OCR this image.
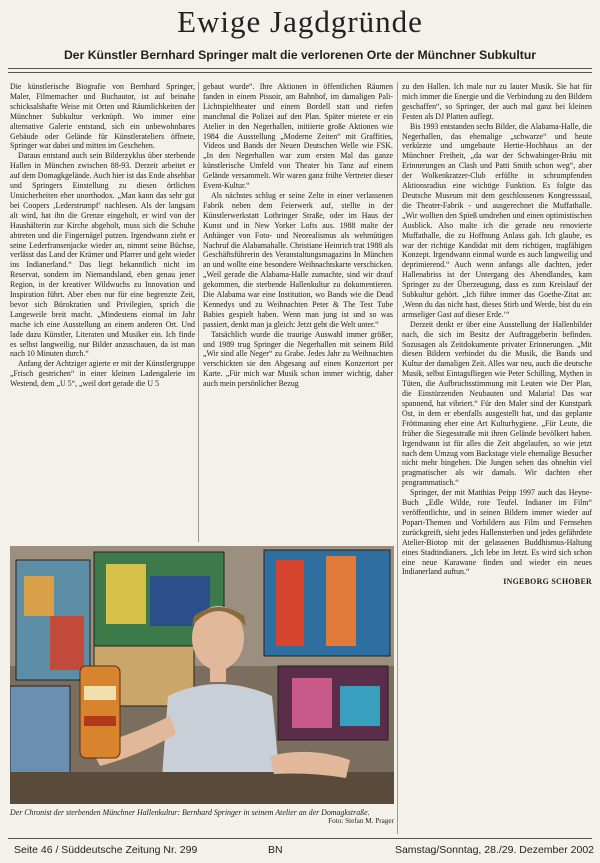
Ewige Jagdgründe
Der Künstler Bernhard Springer malt die verlorenen Orte der Münchner Subkultur

Die künstlerische Biografie von Bernhard Springer, Maler, Filmemacher und Buchautor, ist auf beinahe schicksalshafte Weise mit Orten und Räumlichkeiten der Münchner Subkultur verknüpft. Wo immer eine alternative Galerie entstand, sich ein unbewohnbares Gebäude oder Gelände für Künstlerateliers öffnete, Springer war dabei und mitten im Geschehen.

Daraus entstand auch sein Bilderzyklus über sterbende Hallen in München zwischen 88-93. Derzeit arbeitet er auf dem Domagkgelände. Auch hier ist das Ende absehbar und Springers Einstellung zu diesen örtlichen Unsicherheiten eher unorthodox. „Man kann das sehr gut bei Coopers ‚Lederstrumpf‘ nachlesen. Als der langsam alt wird, hat ihn die Grenze eingeholt, er wird von der Haushälterin zur Kirche abgeholt, muss sich die Schuhe abtreten und die Fingernägel putzen. Irgendwann zieht er seine Lederfransenjacke wieder an, nimmt seine Büchse, verlässt das Land der Krämer und Pfarrer und geht wieder ins Indianerland.“ Das liegt bekanntlich nicht im Reservat, sondern im Niemandsland, eben genau jener Region, in der kreativer Wildwuchs zu Innovation und Inspiration führt. Aber eben nur für eine begrenzte Zeit, bevor sich Bürokratien und Privilegien, sprich die Langeweile breit macht. „Mindestens einmal im Jahr mache ich eine Ausstellung an einem anderen Ort. Und lade dazu Künstler, Literaten und Musiker ein. Ich finde es selbst langweilig, nur Bilder anzuschauen, da ist man nach 10 Minuten durch.“

Anfang der Achtziger agierte er mit der Künstlergruppe „Frisch gestrichen“ in einer kleinen Ladengalerie im Westend, dem „U 5“, „weil dort gerade die U 5

gebaut wurde“. Ihre Aktionen in öffentlichen Räumen fanden in einem Pissoir, am Bahnhof, im damaligen Pali-Lichtspieltheater und einem Bordell statt und riefen manchmal die Polizei auf den Plan. Später mietete er ein Atelier in den Negerhallen, initiierte große Aktionen wie 1984 die Ausstellung „Moderne Zeiten“ mit Graffities, Videos und Bands der Neuen Deutschen Welle wie FSK. „In den Negerhallen war zum ersten Mal das ganze künstlerische Umfeld von Theater bis Tanz auf einem Gelände versammelt. Wir waren ganz frühe Vertreter dieser Event-Kultur.“

Als nächstes schlug er seine Zelte in einer verlassenen Fabrik neben dem Feierwerk auf, stellte in der Künstlerwerkstatt Lothringer Straße, oder im Haus der Kunst und in New Yorker Lofts aus. 1988 malte der Anhänger von Foto- und Neorealismus als wehmütigen Nachruf die Alabamahalle. Christiane Heinrich trat 1988 als Geschäftsführerin des Veranstaltungsmagazins In München an und wollte eine besondere Weihnachtskarte verschicken. „Weil gerade die Alabama-Halle zumachte, sind wir drauf gekommen, die sterbende Hallenkultur zu dokumentieren. Die Alabama war eine Institution, wo Bands wie die Dead Kennedys und zu Weihnachten Peter & The Test Tube Babies gespielt haben. Wenn man jung ist und so was passiert, denkt man ja gleich: Jetzt geht die Welt unter.“

Tatsächlich wurde die traurige Auswahl immer größer, und 1989 trug Springer die Negerhallen mit seinem Bild „Wir sind alle Neger“ zu Grabe. Jedes Jahr zu Weihnachten verschickten sie den Abgesang auf einen Konzertort per Karte. „Für mich war Musik schon immer wichtig, daher auch mein persönlicher Bezug

zu den Hallen. Ich male nur zu lauter Musik. Sie hat für mich immer die Energie und die Verbindung zu den Bildern geschaffen“, so Springer, der auch mal ganz bei kleinen Festen als DJ Platten auflegt.

Bis 1993 entstanden sechs Bilder, die Alabama-Halle, die Negerhallen, das ehemalige „schwarze“ und heute verkürzte und umgebaute Hertie-Hochhaus an der Münchner Freiheit, „da war der Schwabinger-Bräu mit Erinnerungen an Clash und Patti Smith schon weg“, aber der Wolkenkratzer-Club erfüllte in schrumpfenden Aktionsradius eine wichtige Funktion. Es folgte das Deutsche Museum mit dem geschlossenen Kongresssaal, die Theater-Fabrik - und ausgerechnet die Muffathalle. „Wir wollten den Spieß umdrehen und einen optimistischen Ausblick. Also malte ich die gerade neu renovierte Muffathalle, die zu Hoffnung Anlass gab. Ich glaube, es war der richtige Kandidat mit dem richtigen, tragfähigen Konzept. Irgendwann einmal wurde es auch langweilig und deprimierend.“ Auch wenn anfangs alle dachten, jeder Hallenabriss ist der Untergang des Abendlandes, kam Springer zu der Überzeugung, dass es zum Kreislauf der Subkultur gehört. „Ich führe immer das Goethe-Zitat an: ‚Wenn du das nicht hast, dieses Stirb und Werde, bist du ein armseliger Gast auf dieser Erde.‘“

Derzeit denkt er über eine Ausstellung der Hallenbilder nach, die sich im Besitz der Auftraggeberin befinden. Sozusagen als Zeitdokumente privater Erinnerungen. „Mit diesen Bildern verbindet du die Musik, die Bands und Kultur der damaligen Zeit. Alles war neu, auch die deutsche Musik, selbst Eintagsfliegen wie Peter Schilling, Mythen in Tüten, die Aufbruchsstimmung mit Leuten wie Der Plan, die Einstürzenden Neubauten und Malaria! Das war spannend, hat vibriert.“ Für den Maler sind der Kunstpark Ost, in dem er ebenfalls ausgestellt hat, und das geplante Fröttmaning eher eine Art Kulturhygiene. „Für Leute, die früher die Siegesstraße mit ihren Gelände bevölkert haben. Irgendwann ist für alles die Zeit abgelaufen, so wie jetzt nach dem Umzug vom Backstage viele ehemalige Besucher nicht mehr hingehen. Die Jungen sehen das ohnehin viel pragmatischer als wir damals. Wir dachten eher programmatisch.“

Springer, der mit Matthias Peipp 1997 auch das Heyne-Buch „Edle Wilde, rote Teufel. Indianer im Film“ veröffentlichte, und in seinen Bildern immer wieder auf Popart-Themen und Vorbildern aus Film und Fernsehen zurückgreift, sieht jedes Hallensterben und jedes gefährdete Atelier-Biotop mit der gelassenen Buddhismus-Haltung eines Stadtindianers. „Ich lebe im Jetzt. Es wird sich schon eine neue Karawane finden und wieder ein neues Indianerland auftun.“

INGEBORG SCHOBER
Der Chronist der sterbenden Münchner Hallenkultur: Bernhard Springer in seinem Atelier an der Domagkstraße.
Foto: Stefan M. Prager
Seite 46 / Süddeutsche Zeitung Nr. 299	BN	Samstag/Sonntag, 28./29. Dezember 2002
